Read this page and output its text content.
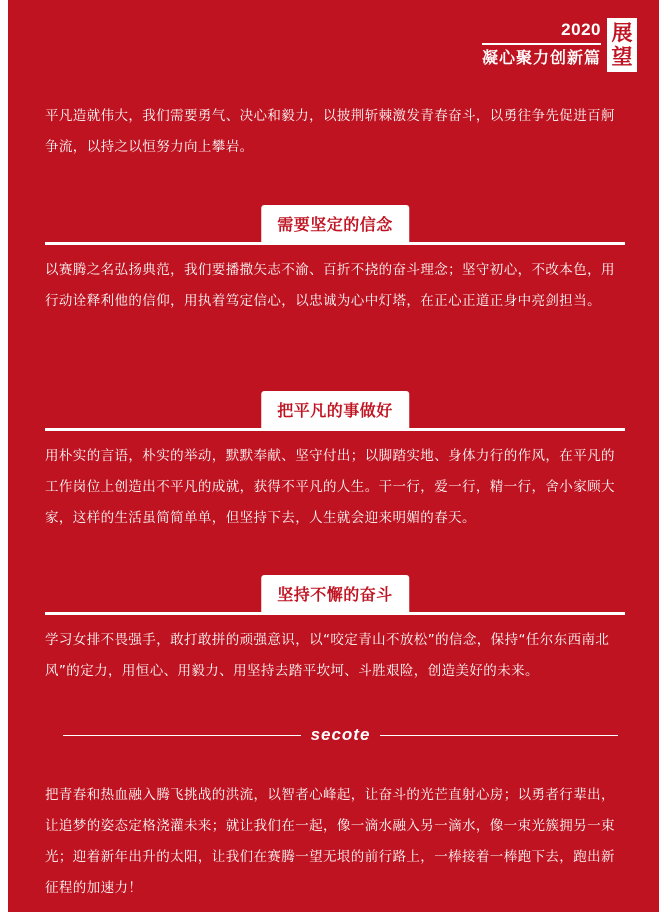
2020
凝心聚力创新篇
展
望

平凡造就伟大，我们需要勇气、决心和毅力，以披荆斩棘激发青春奋斗，以勇往争先促进百舸争流，以持之以恒努力向上攀岩。

需要坚定的信念

以赛腾之名弘扬典范，我们要播撒矢志不渝、百折不挠的奋斗理念；坚守初心，不改本色，用行动诠释利他的信仰，用执着笃定信心，以忠诚为心中灯塔，在正心正道正身中亮剑担当。

把平凡的事做好

用朴实的言语，朴实的举动，默默奉献、坚守付出；以脚踏实地、身体力行的作风，在平凡的工作岗位上创造出不平凡的成就，获得不平凡的人生。干一行，爱一行，精一行，舍小家顾大家，这样的生活虽简简单单，但坚持下去，人生就会迎来明媚的春天。

坚持不懈的奋斗

学习女排不畏强手，敢打敢拼的顽强意识，以“咬定青山不放松”的信念，保持“任尔东西南北风”的定力，用恒心、用毅力、用坚持去踏平坎坷、斗胜艰险，创造美好的未来。

secote

把青春和热血融入腾飞挑战的洪流，以智者心峰起，让奋斗的光芒直射心房；以勇者行辈出，让追梦的姿态定格浇灌未来；就让我们在一起，像一滴水融入另一滴水，像一束光簇拥另一束光；迎着新年出升的太阳，让我们在赛腾一望无垠的前行路上，一棒接着一棒跑下去，跑出新征程的加速力！
